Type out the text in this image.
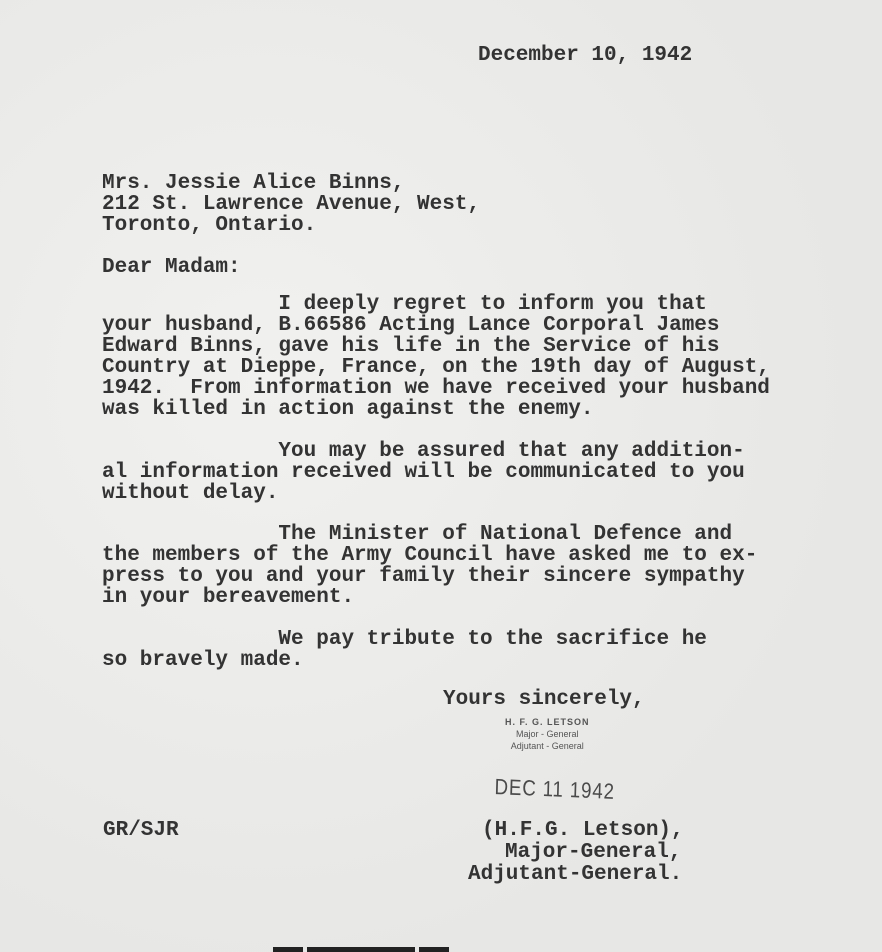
December 10, 1942
Mrs. Jessie Alice Binns,
212 St. Lawrence Avenue, West,
Toronto, Ontario.
Dear Madam:
I deeply regret to inform you that
your husband, B.66586 Acting Lance Corporal James
Edward Binns, gave his life in the Service of his
Country at Dieppe, France, on the 19th day of August,
1942.  From information we have received your husband
was killed in action against the enemy.
You may be assured that any addition-
al information received will be communicated to you
without delay.
The Minister of National Defence and
the members of the Army Council have asked me to ex-
press to you and your family their sincere sympathy
in your bereavement.
We pay tribute to the sacrifice he
so bravely made.
Yours sincerely,
H. F. G. LETSON
Major - General
Adjutant - General
DEC 11 1942
GR/SJR	(H.F.G. Letson),
Major-General,
Adjutant-General.
